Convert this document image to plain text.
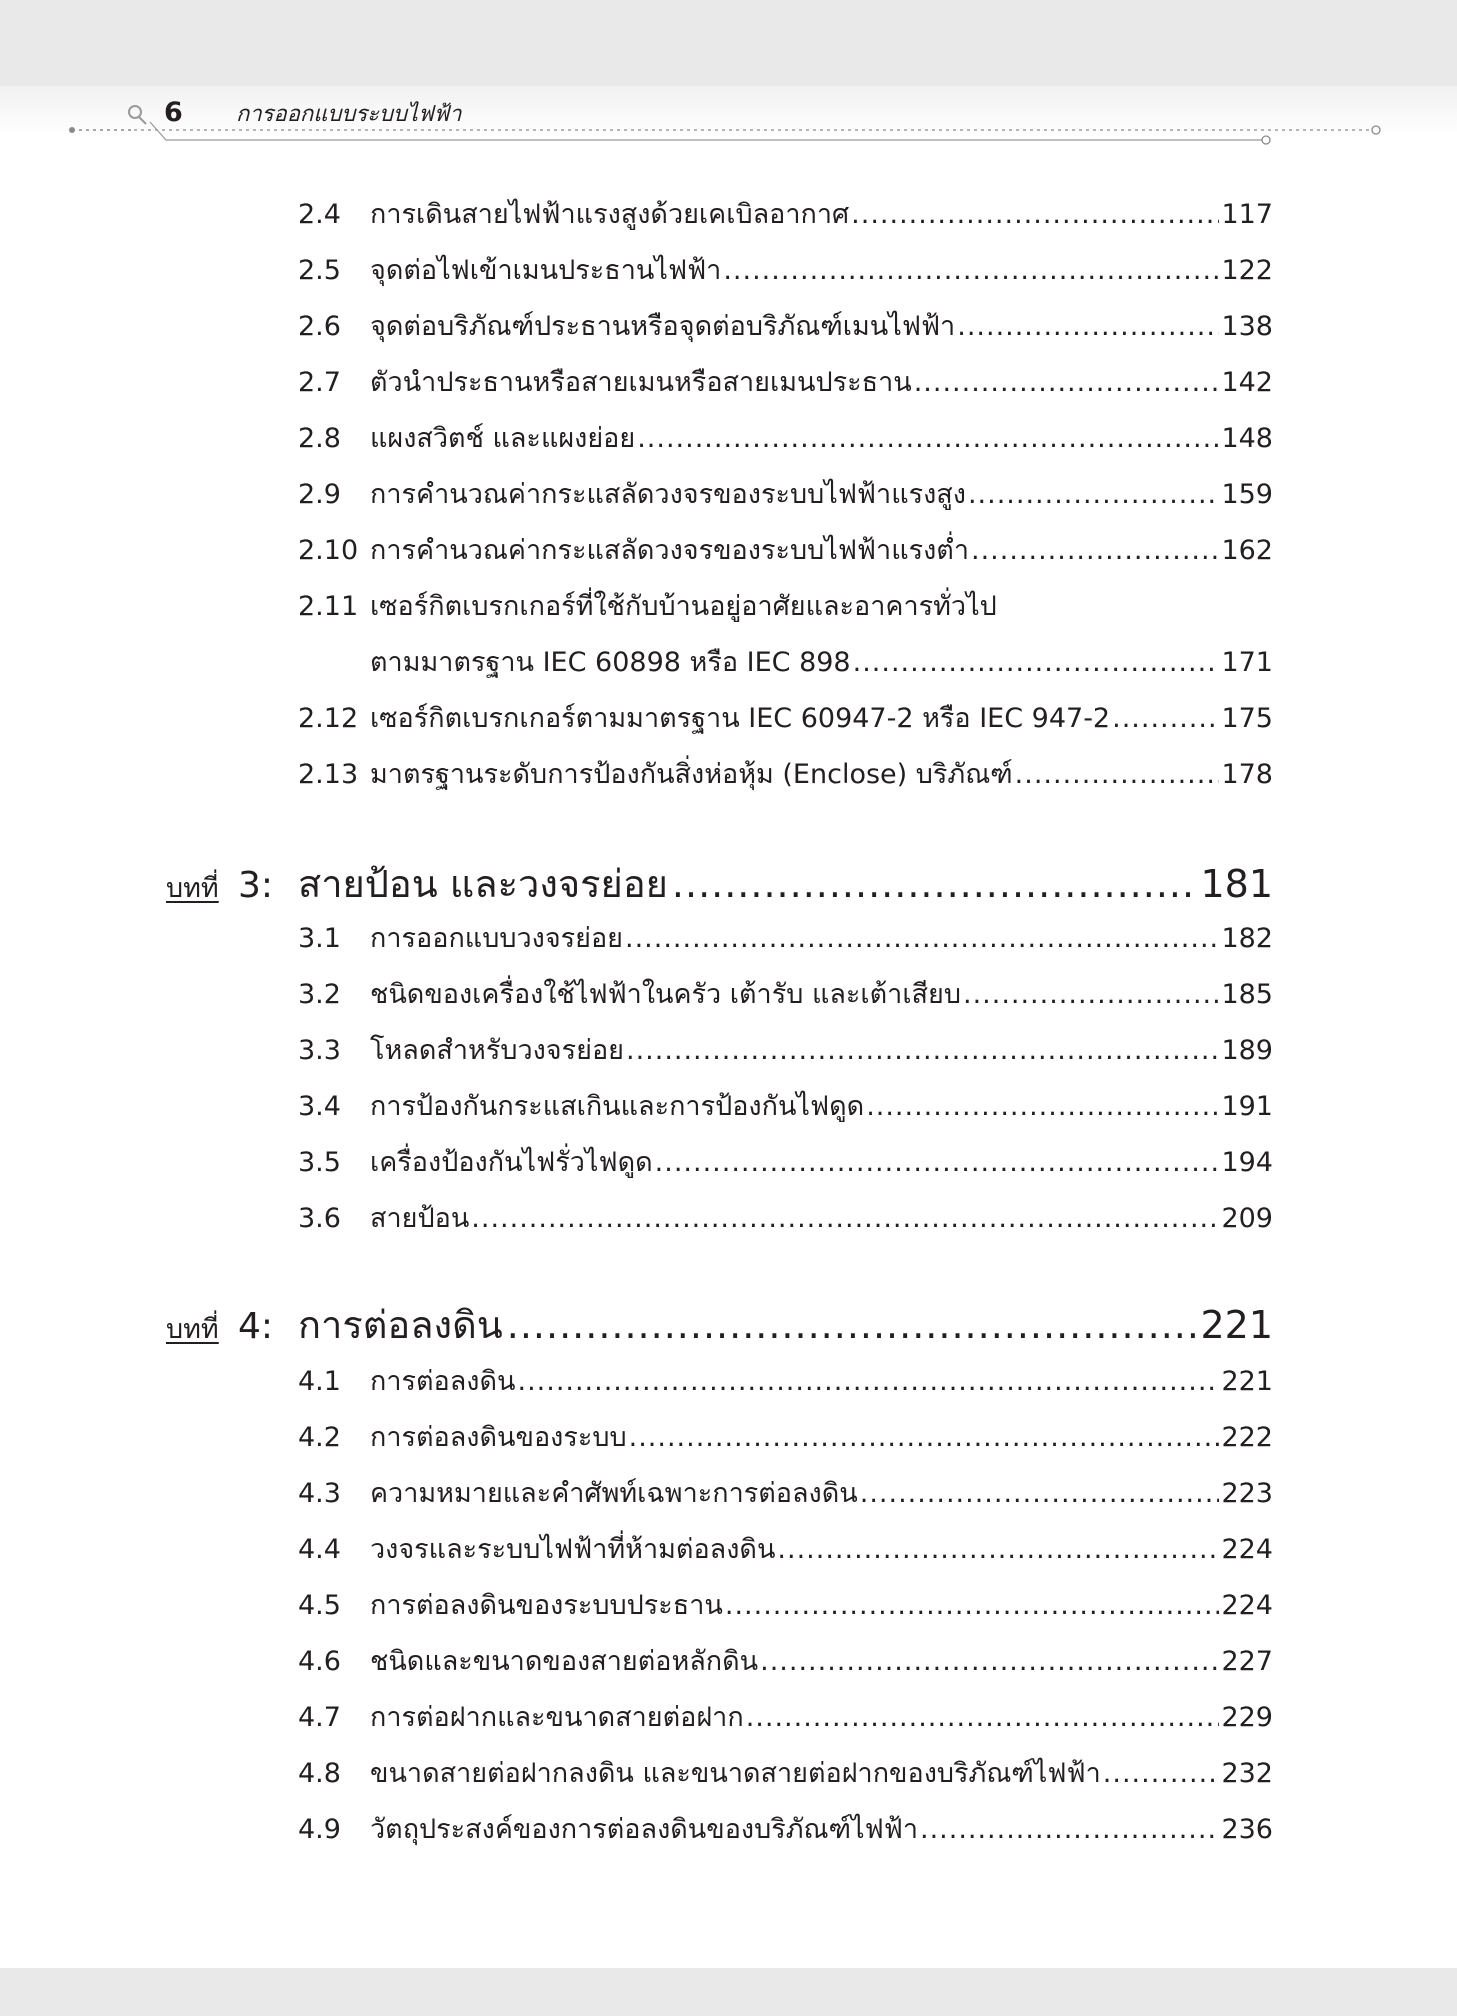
6 การออกแบบระบบไฟฟ้า
2.4	การเดินสายไฟฟ้าแรงสูงด้วยเคเบิลอากาศ .....	117
2.5	จุดต่อไฟเข้าเมนประธานไฟฟ้า .....	122
2.6	จุดต่อบริภัณฑ์ประธานหรือจุดต่อบริภัณฑ์เมนไฟฟ้า .....	138
2.7	ตัวนำประธานหรือสายเมนหรือสายเมนประธาน .....	142
2.8	แผงสวิตช์ และแผงย่อย .....	148
2.9	การคำนวณค่ากระแสลัดวงจรของระบบไฟฟ้าแรงสูง .....	159
2.10 การคำนวณค่ากระแสลัดวงจรของระบบไฟฟ้าแรงต่ำ .....	162
2.11 เซอร์กิตเบรกเกอร์ที่ใช้กับบ้านอยู่อาศัยและอาคารทั่วไป
ตามมาตรฐาน IEC 60898 หรือ IEC 898 .....	171
2.12 เซอร์กิตเบรกเกอร์ตามมาตรฐาน IEC 60947-2 หรือ IEC 947-2 .....	175
2.13 มาตรฐานระดับการป้องกันสิ่งห่อหุ้ม (Enclose) บริภัณฑ์ .....	178
บทที่ 3: สายป้อน และวงจรย่อย .....	181
3.1	การออกแบบวงจรย่อย .....	182
3.2	ชนิดของเครื่องใช้ไฟฟ้าในครัว เต้ารับ และเต้าเสียบ .....	185
3.3	โหลดสำหรับวงจรย่อย .....	189
3.4	การป้องกันกระแสเกินและการป้องกันไฟดูด .....	191
3.5	เครื่องป้องกันไฟรั่วไฟดูด .....	194
3.6	สายป้อน .....	209
บทที่ 4: การต่อลงดิน .....	221
4.1	การต่อลงดิน .....	221
4.2	การต่อลงดินของระบบ .....	222
4.3	ความหมายและคำศัพท์เฉพาะการต่อลงดิน .....	223
4.4	วงจรและระบบไฟฟ้าที่ห้ามต่อลงดิน .....	224
4.5	การต่อลงดินของระบบประธาน .....	224
4.6	ชนิดและขนาดของสายต่อหลักดิน .....	227
4.7	การต่อฝากและขนาดสายต่อฝาก .....	229
4.8	ขนาดสายต่อฝากลงดิน และขนาดสายต่อฝากของบริภัณฑ์ไฟฟ้า .....	232
4.9	วัตถุประสงค์ของการต่อลงดินของบริภัณฑ์ไฟฟ้า .....	236
